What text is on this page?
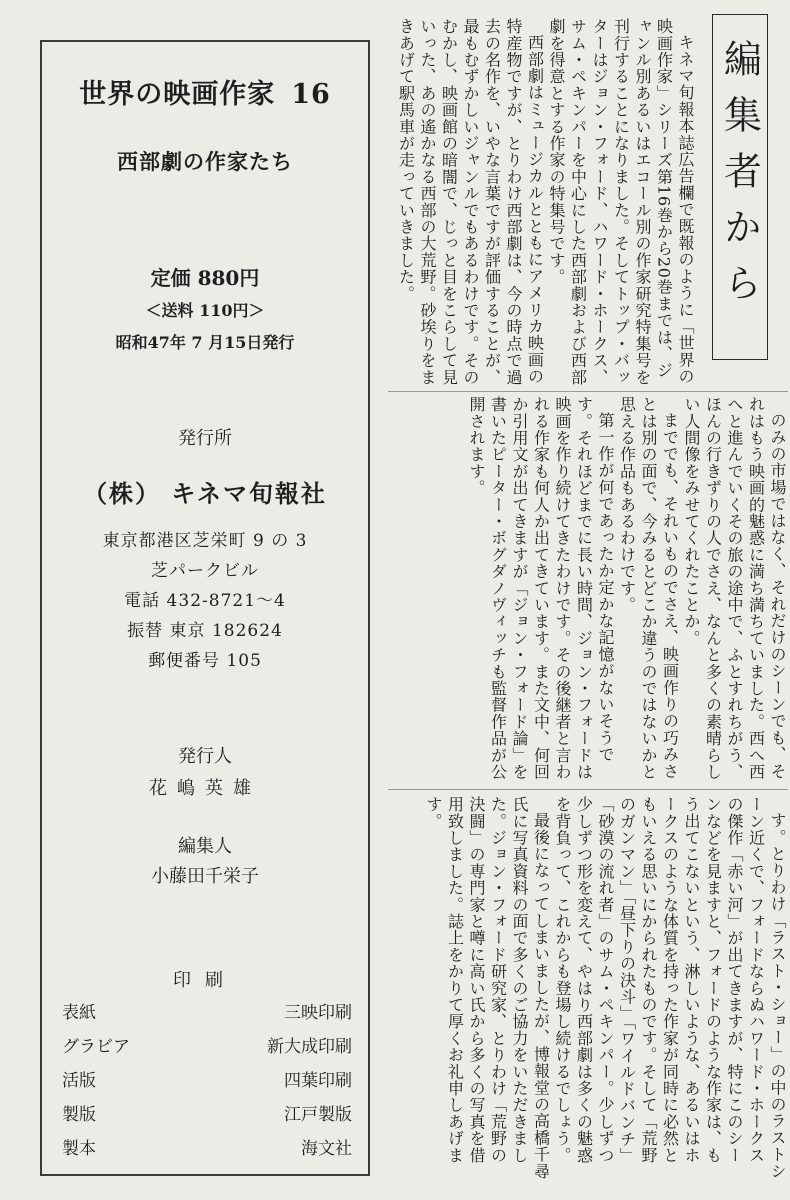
世界の映画作家 16
西部劇の作家たち
定価 880円
＜送料 110円＞
昭和47年 7 月15日発行
発行所
（株） キネマ旬報社
東京都港区芝栄町 9 の 3
芝パークビル
電話 432-8721〜4
振替 東京 182624
郵便番号 105
発行人
花嶋英雄
編集人
小藤田千栄子
印刷
表紙	三映印刷
グラビア	新大成印刷
活版	四葉印刷
製版	江戸製版
製本	海文社
編集者から

キネマ旬報本誌広告欄で既報のように「世界の映画作家」シリーズ第16巻から20巻までは、ジャンル別あるいはエコール別の作家研究特集号を刊行することになりました。そしてトップ・バッターはジョン・フォード、ハワード・ホークス、サム・ペキンパーを中心にした西部劇および西部劇を得意とする作家の特集号です。

西部劇はミュージカルとともにアメリカ映画の特産物ですが、とりわけ西部劇は、今の時点で過去の名作を、いやな言葉ですが評価することが、最もむずかしいジャンルでもあるわけです。そのむかし、映画館の暗闇で、じっと目をこらして見いった、あの遙かなる西部の大荒野。砂埃りをまきあげて駅馬車が走っていきました。

のみの市場ではなく、それだけのシーンでも、それはもう映画的魅惑に満ち満ちていました。西へ西へと進んでいくその旅の途中で、ふとすれちがう、ほんの行きずりの人でさえ、なんと多くの素晴らしい人間像をみせてくれたことか。

まででも、それいものでさえ、映画作りの巧みさとは別の面で、今みるとどこか違うのではないかと思える作品もあるわけです。

第一作が何であったか定かな記憶がないそうです。それほどまでに長い時間、ジョン・フォードは映画を作り続けてきたわけです。その後継者と言われる作家も何人か出てきています。また文中、何回か引用文が出てきますが「ジョン・フォード論」を書いたピーター・ボグダノヴィッチも監督作品が公開されます。

す。とりわけ「ラスト・ショー」の中のラストシーン近くで、フォードならぬハワード・ホークスの傑作「赤い河」が出てきますが、特にこのシーンなどを見ますと、フォードのような作家は、もう出てこないという、淋しいような、あるいはホークスのような体質を持った作家が同時に必然ともいえる思いにかられたものです。そして「荒野のガンマン」「昼下りの決斗」「ワイルドバンチ」「砂漠の流れ者」のサム・ペキンパー。少しずつ少しずつ形を変えて、やはり西部劇は多くの魅惑を背負って、これからも登場し続けるでしょう。

最後になってしまいましたが、博報堂の高橋千尋氏に写真資料の面で多くのご協力をいただきました。ジョン・フォード研究家、とりわけ「荒野の決闘」の専門家と噂に高い氏から多くの写真を借用致しました。誌上をかりて厚くお礼申しあげます。
